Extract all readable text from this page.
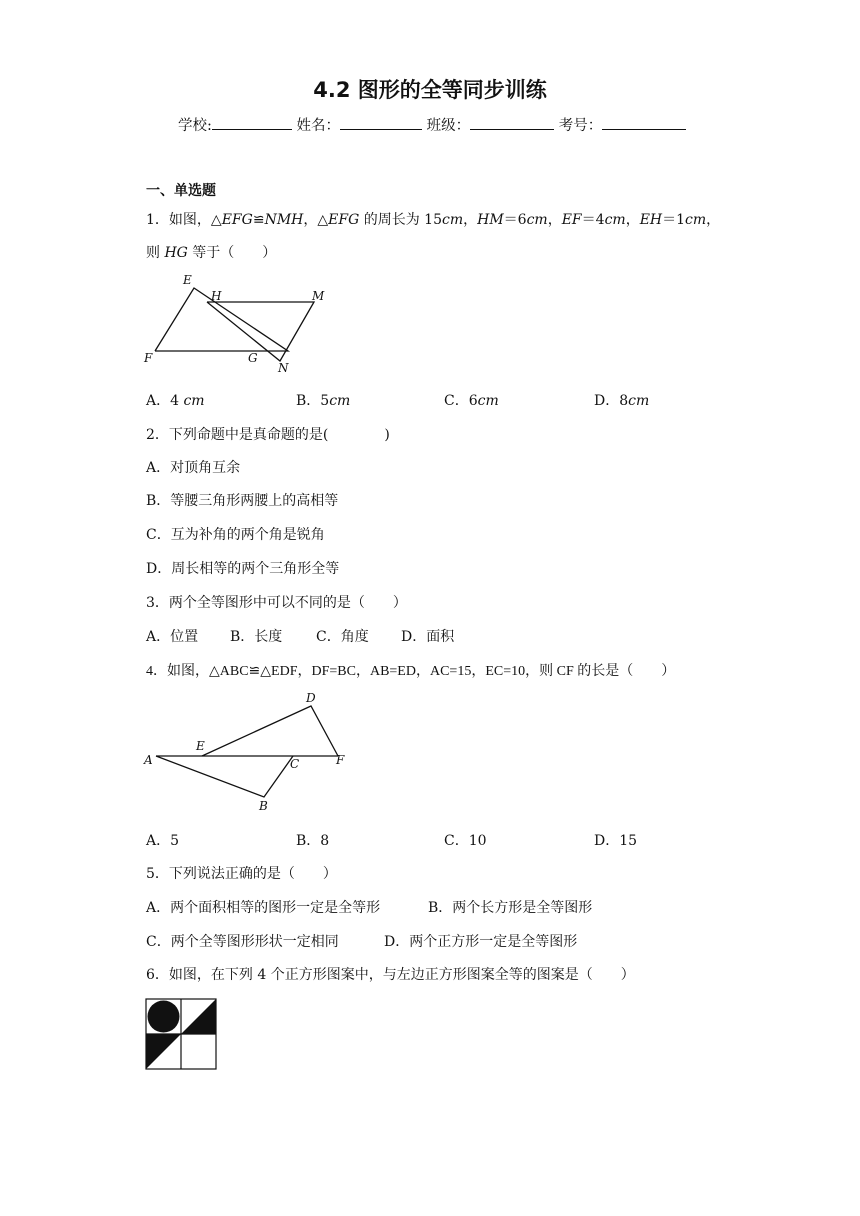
4.2 图形的全等同步训练
学校:	姓名：	班级：	考号：
一、单选题
1．如图，△EFG≌NMH，△EFG 的周长为 15cm，HM＝6cm，EF＝4cm，EH＝1cm，
则 HG 等于（　　）
E
H	M
F	G
N
A．4 cm	B．5cm	C．6cm	D．8cm
2．下列命题中是真命题的是(　　　　)
A．对顶角互余
B．等腰三角形两腰上的高相等
C．互为补角的两个角是锐角
D．周长相等的两个三角形全等
3．两个全等图形中可以不同的是（　　）
A．位置 B．长度 C．角度 D．面积
4．如图，△ABC≌△EDF，DF=BC，AB=ED，AC=15，EC=10，则 CF 的长是（　　）
D
E
A	C	F
B
A．5	B．8	C．10	D．15
5．下列说法正确的是（　　）
A．两个面积相等的图形一定是全等形	B．两个长方形是全等图形
C．两个全等图形形状一定相同	D．两个正方形一定是全等图形
6．如图，在下列 4 个正方形图案中，与左边正方形图案全等的图案是（　　）
